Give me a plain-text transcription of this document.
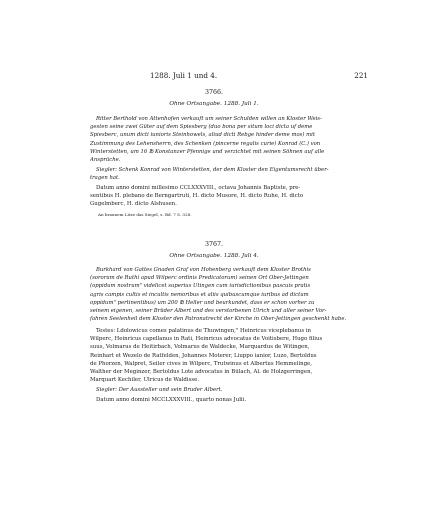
1288. Juli 1 und 4.	221
3766.
Ohne Ortsangabe. 1288. Juli 1.
Ritter Berthold von Attenhofen verkauft um seiner Schulden willen an Kloster Weis-
gesten seine zwei Güter auf dem Spiesberg (duo bona per situm loci dicta uf deme
Spiesberc, unum dicti iunioris Steinhowels, aliud dicti Rebge hinder deme mos) mit
Zustimmung des Lehensherrn, des Schenken (pincerne regalis curie) Konrad (C.) von
Winterstetten, um 16 ℔ Konstanzer Pfennige und verzichtet mit seinen Söhnen auf alle
Ansprüche.
Siegler: Schenk Konrad von Winterstetten, der dem Kloster den Eigentumsrecht über-
tragen hat.
Datum anno domini millesimo CCLXXXVIII., octava Johannis Baptiste, pre-
sentibus H. plebano de Berngartruti, H. dicto Musore, H. dicto Ruhe, H. dicto
Gugelmberc, H. dicto Alshusen.
An braunem Litze das Siegel, s. Bd. 7 S. 328.
3767.
Ohne Ortsangabe. 1288. Juli 4.
Burkhard von Gattes Gnaden Graf von Hohenberg verkauft dem Kloster Brothis
(sororum de Ruthi apud Wilperc ordinis Predicatorum) seinen Ort Ober-Jettingen
(oppidum nostrum" videlicet superius Utingen cum iurisdictionibus pascuis pratis
agris campis cultis et incultis nemoribus et aliis quibuscumque iuribus ad dictum
oppidum" pertinentibus) um 200 ℔ Heller und beurkundet, dass er schon vorher zu
seinem eigenen, seiner Brüder Albert und des verstorbenen Ulrich und aller seiner Vor-
fahren Seelenheil dem Kloster den Patronatrecht der Kirche in Ober-Jettingen geschenkt habe.
Testes: Ldolowicus comes palatinus de Thuwingen," Heinricus viceplebanus in
Wilperc, Heinricus capellanus in Rati, Heinricus advocatus de Voitisbere, Hugo filius
suus, Volmarus de Heitirbach, Volmarus de Waldecke, Marquardus de Witingen,
Reinhart et Wezelo de Ratfelden, Johannes Moterer, Liuppo ianior, Luzo, Bertoldus
de Phorzen, Walpret, Seiler cives in Wilperc, Trutwinus et Albertus Hemmelinge,
Walther der Meginzer, Bertoldus Lote advocatus in Bülach, Al. de Holzgerringen,
Marquart Kechiler, Ulricus de Waldisse.
Siegler: Der Aussteller und sein Bruder Albert.
Datum anno domini MCCLXXXVIII., quarto nonas Julii.
